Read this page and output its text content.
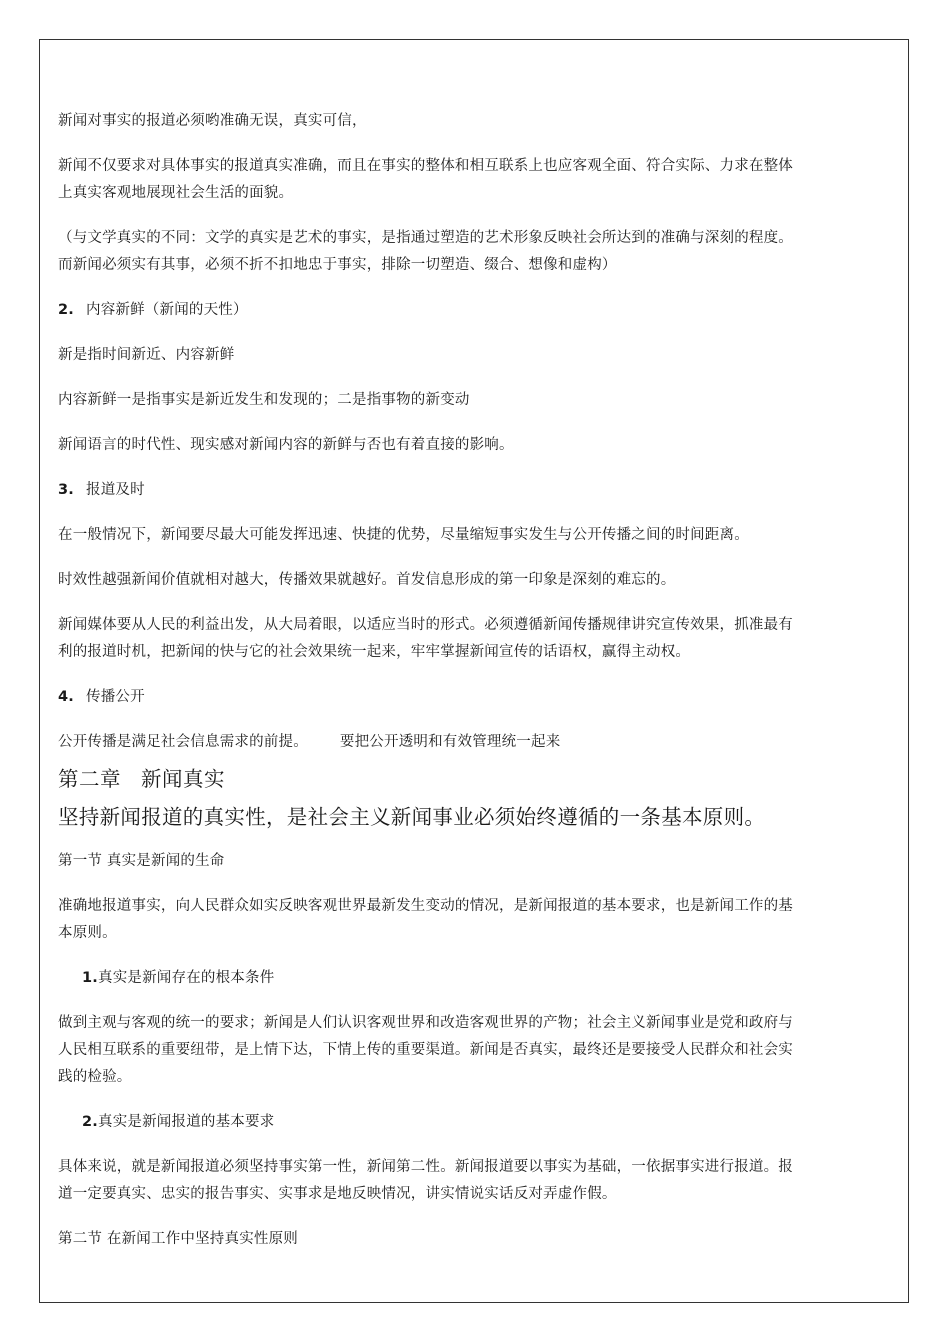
新闻对事实的报道必须哟准确无误，真实可信，

新闻不仅要求对具体事实的报道真实准确，而且在事实的整体和相互联系上也应客观全面、符合实际、力求在整体
上真实客观地展现社会生活的面貌。

（与文学真实的不同：文学的真实是艺术的事实，是指通过塑造的艺术形象反映社会所达到的准确与深刻的程度。
而新闻必须实有其事，必须不折不扣地忠于事实，排除一切塑造、缀合、想像和虚构）

2. 内容新鲜（新闻的天性）

新是指时间新近、内容新鲜

内容新鲜一是指事实是新近发生和发现的；二是指事物的新变动

新闻语言的时代性、现实感对新闻内容的新鲜与否也有着直接的影响。

3. 报道及时

在一般情况下，新闻要尽最大可能发挥迅速、快捷的优势，尽量缩短事实发生与公开传播之间的时间距离。

时效性越强新闻价值就相对越大，传播效果就越好。首发信息形成的第一印象是深刻的难忘的。

新闻媒体要从人民的利益出发，从大局着眼，以适应当时的形式。必须遵循新闻传播规律讲究宣传效果，抓准最有
利的报道时机，把新闻的快与它的社会效果统一起来，牢牢掌握新闻宣传的话语权，赢得主动权。

4. 传播公开

公开传播是满足社会信息需求的前提。 要把公开透明和有效管理统一起来

第二章 新闻真实
坚持新闻报道的真实性，是社会主义新闻事业必须始终遵循的一条基本原则。

第一节 真实是新闻的生命

准确地报道事实，向人民群众如实反映客观世界最新发生变动的情况，是新闻报道的基本要求，也是新闻工作的基
本原则。

1.真实是新闻存在的根本条件

做到主观与客观的统一的要求；新闻是人们认识客观世界和改造客观世界的产物；社会主义新闻事业是党和政府与
人民相互联系的重要纽带，是上情下达，下情上传的重要渠道。新闻是否真实，最终还是要接受人民群众和社会实
践的检验。

2.真实是新闻报道的基本要求

具体来说，就是新闻报道必须坚持事实第一性，新闻第二性。新闻报道要以事实为基础，一依据事实进行报道。报
道一定要真实、忠实的报告事实、实事求是地反映情况，讲实情说实话反对弄虚作假。

第二节 在新闻工作中坚持真实性原则
